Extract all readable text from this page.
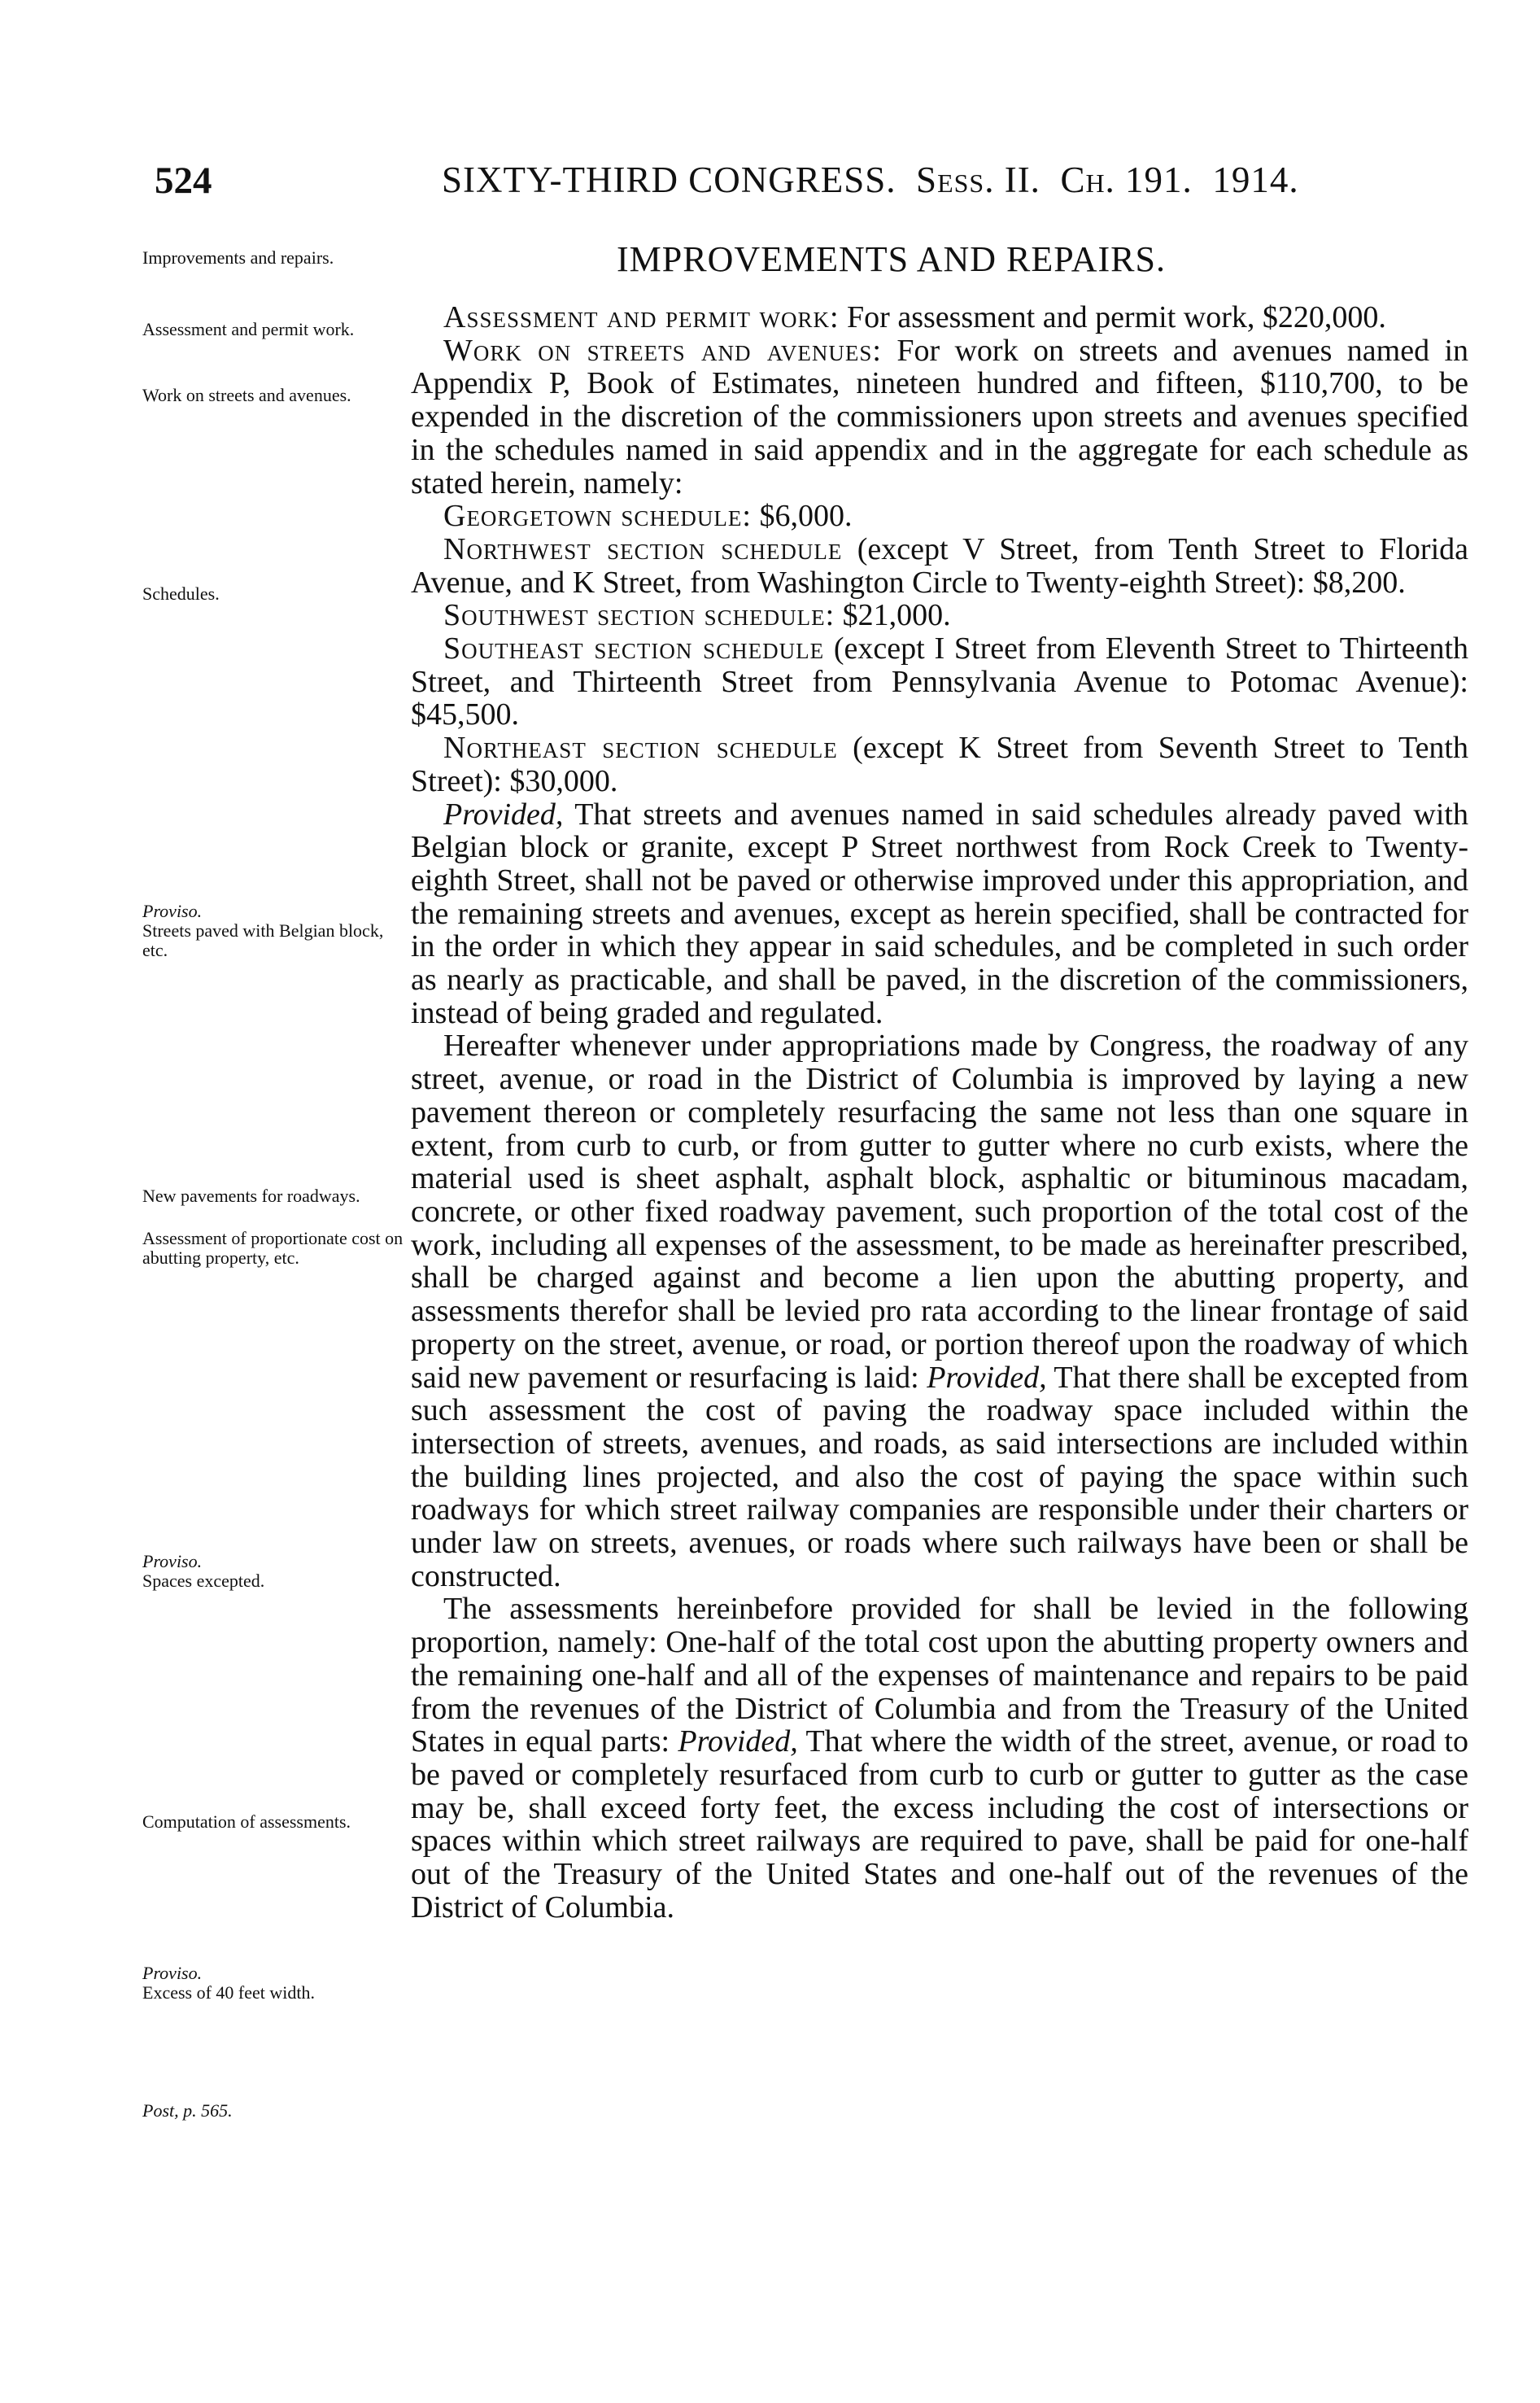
524	SIXTY-THIRD CONGRESS. Sess. II. Ch. 191. 1914.
IMPROVEMENTS AND REPAIRS.
Improvements and repairs.
Assessment and permit work.
Work on streets and avenues.
Schedules.
Proviso.
Streets paved with Belgian block, etc.
New pavements for roadways.
Assessment of proportionate cost on abutting property, etc.
Proviso.
Spaces excepted.
Computation of assessments.
Proviso.
Excess of 40 feet width.
Post, p. 565.

Assessment and permit work: For assessment and permit work, $220,000.

Work on streets and avenues: For work on streets and avenues named in Appendix P, Book of Estimates, nineteen hundred and fifteen, $110,700, to be expended in the discretion of the commissioners upon streets and avenues specified in the schedules named in said appendix and in the aggregate for each schedule as stated herein, namely:

Georgetown schedule: $6,000.

Northwest section schedule (except V Street, from Tenth Street to Florida Avenue, and K Street, from Washington Circle to Twenty-eighth Street): $8,200.

Southwest section schedule: $21,000.

Southeast section schedule (except I Street from Eleventh Street to Thirteenth Street, and Thirteenth Street from Pennsylvania Avenue to Potomac Avenue): $45,500.

Northeast section schedule (except K Street from Seventh Street to Tenth Street): $30,000.

Provided, That streets and avenues named in said schedules already paved with Belgian block or granite, except P Street northwest from Rock Creek to Twenty-eighth Street, shall not be paved or otherwise improved under this appropriation, and the remaining streets and avenues, except as herein specified, shall be contracted for in the order in which they appear in said schedules, and be completed in such order as nearly as practicable, and shall be paved, in the discretion of the commissioners, instead of being graded and regulated.

Hereafter whenever under appropriations made by Congress, the roadway of any street, avenue, or road in the District of Columbia is improved by laying a new pavement thereon or completely resurfacing the same not less than one square in extent, from curb to curb, or from gutter to gutter where no curb exists, where the material used is sheet asphalt, asphalt block, asphaltic or bituminous macadam, concrete, or other fixed roadway pavement, such proportion of the total cost of the work, including all expenses of the assessment, to be made as hereinafter prescribed, shall be charged against and become a lien upon the abutting property, and assessments therefor shall be levied pro rata according to the linear frontage of said property on the street, avenue, or road, or portion thereof upon the roadway of which said new pavement or resurfacing is laid: Provided, That there shall be excepted from such assessment the cost of paving the roadway space included within the intersection of streets, avenues, and roads, as said intersections are included within the building lines projected, and also the cost of paying the space within such roadways for which street railway companies are responsible under their charters or under law on streets, avenues, or roads where such railways have been or shall be constructed.

The assessments hereinbefore provided for shall be levied in the following proportion, namely: One-half of the total cost upon the abutting property owners and the remaining one-half and all of the expenses of maintenance and repairs to be paid from the revenues of the District of Columbia and from the Treasury of the United States in equal parts: Provided, That where the width of the street, avenue, or road to be paved or completely resurfaced from curb to curb or gutter to gutter as the case may be, shall exceed forty feet, the excess including the cost of intersections or spaces within which street railways are required to pave, shall be paid for one-half out of the Treasury of the United States and one-half out of the revenues of the District of Columbia.
